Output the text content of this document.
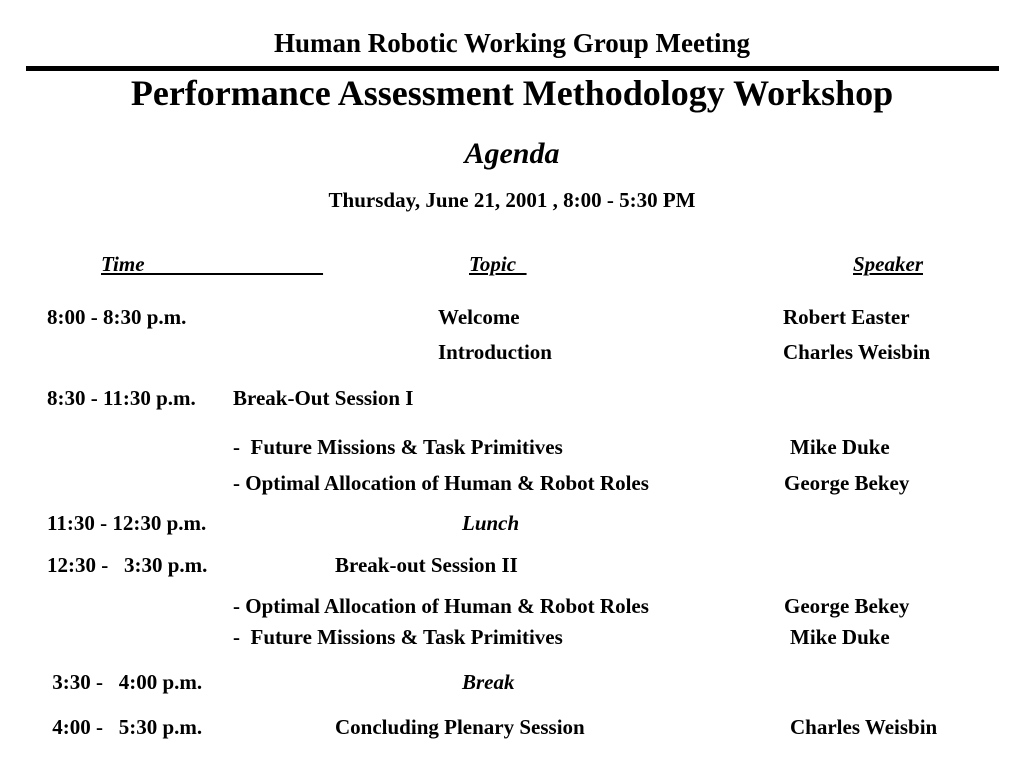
Human Robotic Working Group Meeting
Performance Assessment Methodology Workshop
Agenda
Thursday, June 21, 2001 , 8:00 - 5:30 PM
Time	Topic	Speaker
8:00 - 8:30 p.m.	Welcome	Robert Easter
Introduction	Charles Weisbin
8:30 - 11:30 p.m. Break-Out Session I
-  Future Missions & Task Primitives	Mike Duke
- Optimal Allocation of Human & Robot Roles	George Bekey
11:30 - 12:30 p.m.	Lunch
12:30 -   3:30 p.m.	Break-out Session II
- Optimal Allocation of Human & Robot Roles	George Bekey
-  Future Missions & Task Primitives	Mike Duke
3:30 -   4:00 p.m.	Break
4:00 -   5:30 p.m.	Concluding Plenary Session	Charles Weisbin
